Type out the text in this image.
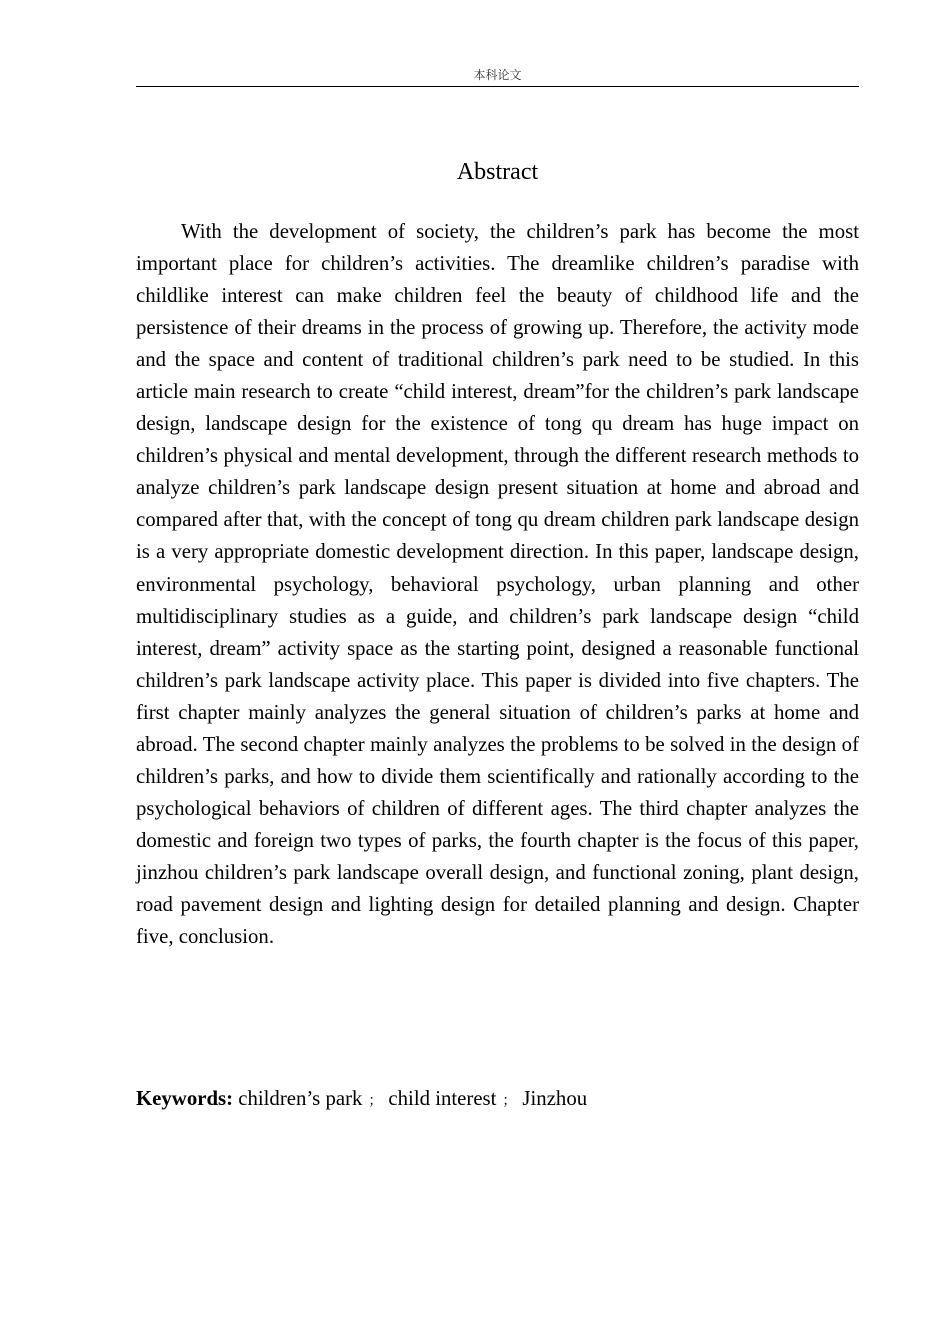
本科论文
Abstract

With the development of society, the children’s park has become the most important place for children’s activities. The dreamlike children’s paradise with childlike interest can make children feel the beauty of childhood life and the persistence of their dreams in the process of growing up. Therefore, the activity mode and the space and content of traditional children’s park need to be studied. In this article main research to create “child interest, dream”for the children’s park landscape design, landscape design for the existence of tong qu dream has huge impact on children’s physical and mental development, through the different research methods to analyze children’s park landscape design present situation at home and abroad and compared after that, with the concept of tong qu dream children park landscape design is a very appropriate domestic development direction. In this paper, landscape design, environmental psychology, behavioral psychology, urban planning and other multidisciplinary studies as a guide, and children’s park landscape design “child interest, dream” activity space as the starting point, designed a reasonable functional children’s park landscape activity place. This paper is divided into five chapters. The first chapter mainly analyzes the general situation of children’s parks at home and abroad. The second chapter mainly analyzes the problems to be solved in the design of children’s parks, and how to divide them scientifically and rationally according to the psychological behaviors of children of different ages. The third chapter analyzes the domestic and foreign two types of parks, the fourth chapter is the focus of this paper, jinzhou children’s park landscape overall design, and functional zoning, plant design, road pavement design and lighting design for detailed planning and design. Chapter five, conclusion.

Keywords: children’s park ； child interest ； Jinzhou
